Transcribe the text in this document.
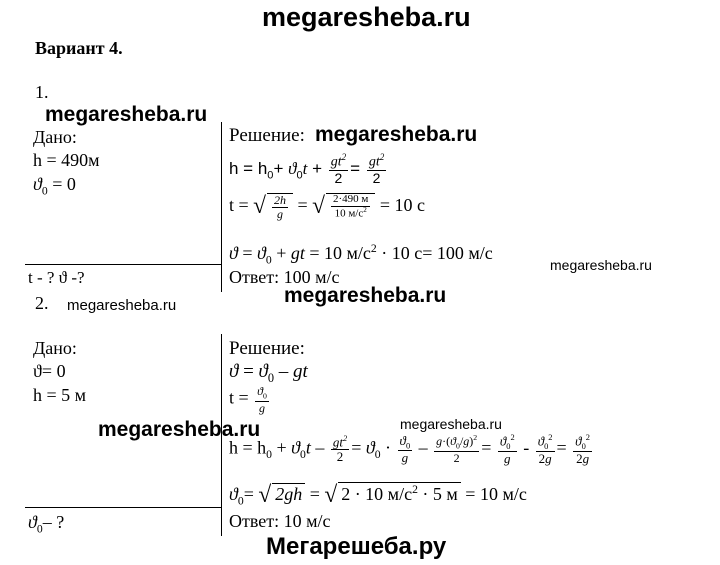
megaresheba.ru
Вариант 4.
1.
megaresheba.ru
Дано:
h = 490м
$ϑ_0 = 0$
t - ? ϑ -?
Решение: megaresheba.ru
$h = h_0+ ϑ_0t + \frac{gt^2}{2} = \frac{gt^2}{2}$
t = √ $\frac{2h}{g}$ = √ $\frac{2\cdot 490 м}{10 м/с^2} = 10$ с
$ϑ = ϑ_0$ + gt = 10 $м/с^2 \cdot 10$ с= 100 м/с
Ответ: 100 м/с
megaresheba.ru
megaresheba.ru
2. megaresheba.ru
Дано:
ϑ= 0
h = 5 м
$ϑ_0-$ ?
Решение:
$ϑ = ϑ_0$ – gt
$t = \frac{ϑ_0}{g}$
megaresheba.ru
megaresheba.ru
$h = h_0 + ϑ_0t - \frac{gt^2}{2} = ϑ_0 \cdot \frac{ϑ_0}{g} - \frac{g\cdot(ϑ_0/g)^2}{2} = \frac{ϑ_0^2}{g} - \frac{ϑ_0^2}{2g} = \frac{ϑ_0^2}{2g}$
$ϑ_0=$ √ 2gh = √ 2 · 10 $м/с^2 \cdot 5$ м = 10 м/с
Ответ: 10 м/с
Мегарешеба.ру
